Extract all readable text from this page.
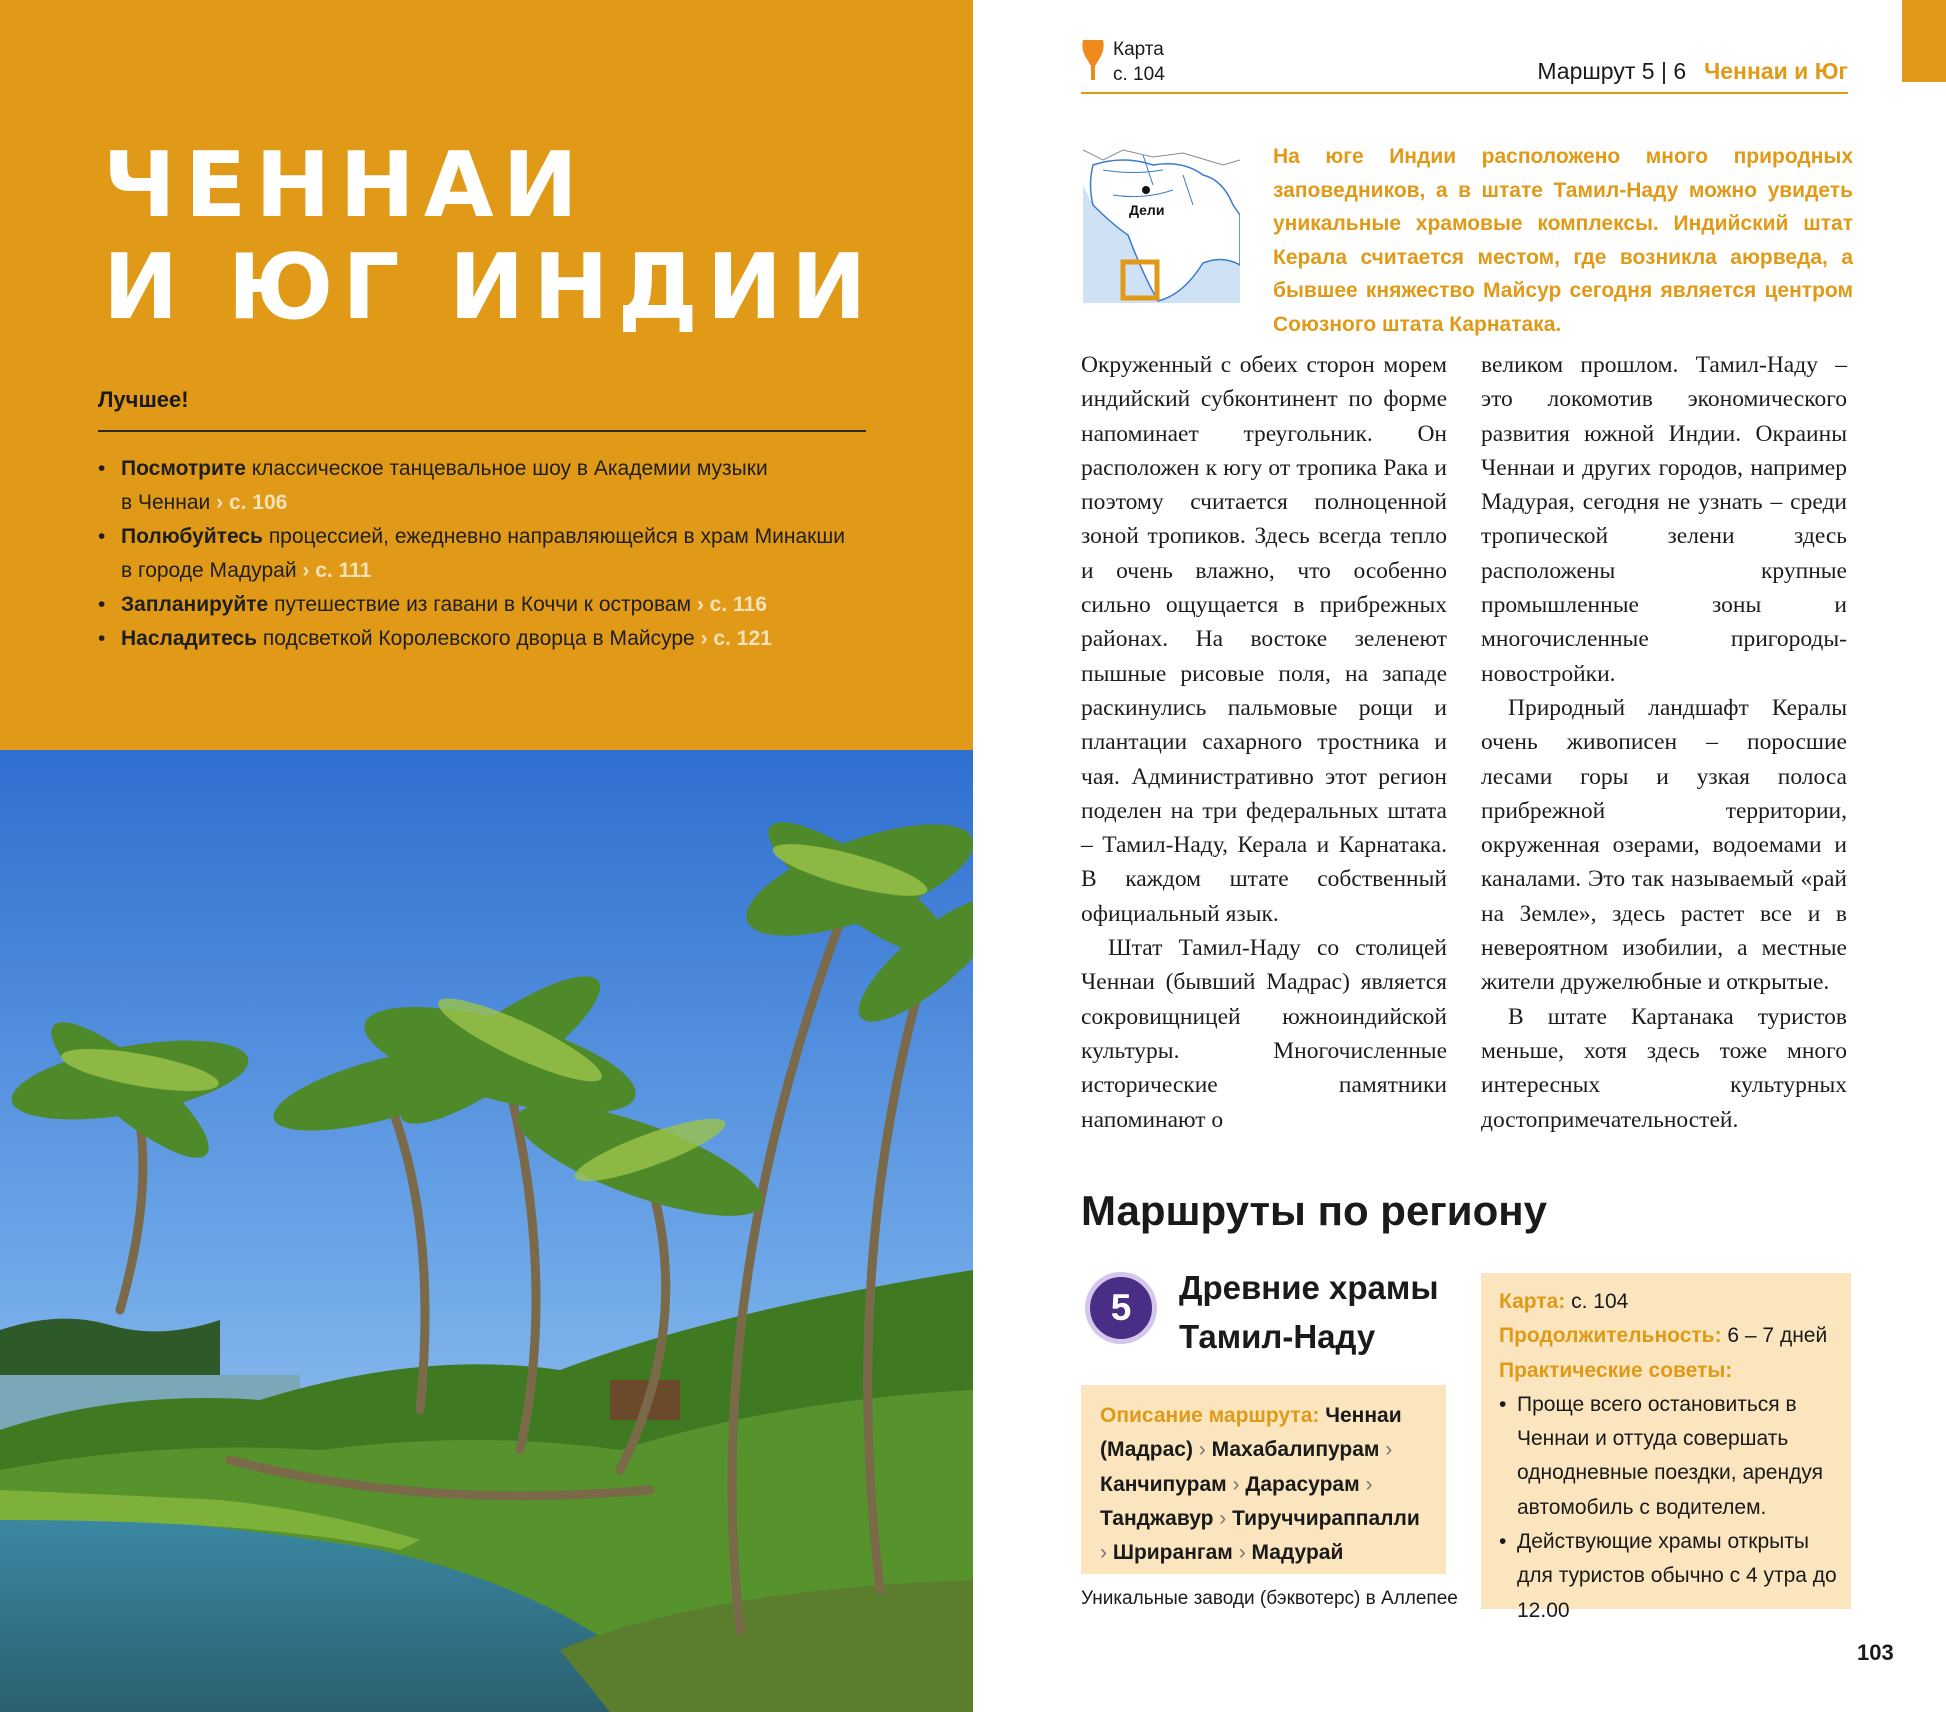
ЧЕННАИ
И ЮГ ИНДИИ
Лучшее!
• Посмотрите классическое танцевальное шоу в Академии музыки
в Ченнаи › с. 106
• Полюбуйтесь процессией, ежедневно направляющейся в храм Минакши
в городе Мадурай › с. 111
• Запланируйте путешествие из гавани в Коччи к островам › с. 116
• Насладитесь подсветкой Королевского дворца в Майсуре › с. 121
Карта
с. 104	Маршрут 5 | 6 Ченнаи и Юг
Дели
На юге Индии расположено много природных заповедников, а в штате Тамил-Наду можно увидеть уникальные храмовые комплексы. Индийский штат Керала считается местом, где возникла аюрведа, а бывшее княжество Майсур сегодня является центром Союзного штата Карнатака.

Окруженный с обеих сторон морем индийский субконтинент по форме напоминает треугольник. Он расположен к югу от тропика Рака и поэтому считается полноценной зоной тропиков. Здесь всегда тепло и очень влажно, что особенно сильно ощущается в прибрежных районах. На востоке зеленеют пышные рисовые поля, на западе раскинулись пальмовые рощи и плантации сахарного тростника и чая. Административно этот регион поделен на три федеральных штата – Тамил-Наду, Керала и Карнатака. В каждом штате собственный официальный язык.

Штат Тамил-Наду со столицей Ченнаи (бывший Мадрас) является сокровищницей южноиндийской культуры. Многочисленные исторические памятники напоминают о

великом прошлом. Тамил-Наду – это локомотив экономического развития южной Индии. Окраины Ченнаи и других городов, например Мадурая, сегодня не узнать – среди тропической зелени здесь расположены крупные промышленные зоны и многочисленные пригороды-новостройки.

Природный ландшафт Кералы очень живописен – поросшие лесами горы и узкая полоса прибрежной территории, окруженная озерами, водоемами и каналами. Это так называемый «рай на Земле», здесь растет все и в невероятном изобилии, а местные жители дружелюбные и открытые.

В штате Картанака туристов меньше, хотя здесь тоже много интересных культурных достопримечательностей.

Маршруты по региону
5	Древние храмы
Тамил-Наду
Описание маршрута: Ченнаи (Мадрас) › Махабалипурам › Канчипурам › Дарасурам › Танджавур › Тируччираппалли › Шрирангам › Мадурай
Уникальные заводи (бэквотерс) в Аллепее
Карта: с. 104
Продолжительность: 6 – 7 дней
Практические советы:
• Проще всего остановиться в Ченнаи и оттуда совершать однодневные поездки, арендуя автомобиль с водителем.
• Действующие храмы открыты для туристов обычно с 4 утра до 12.00
103
